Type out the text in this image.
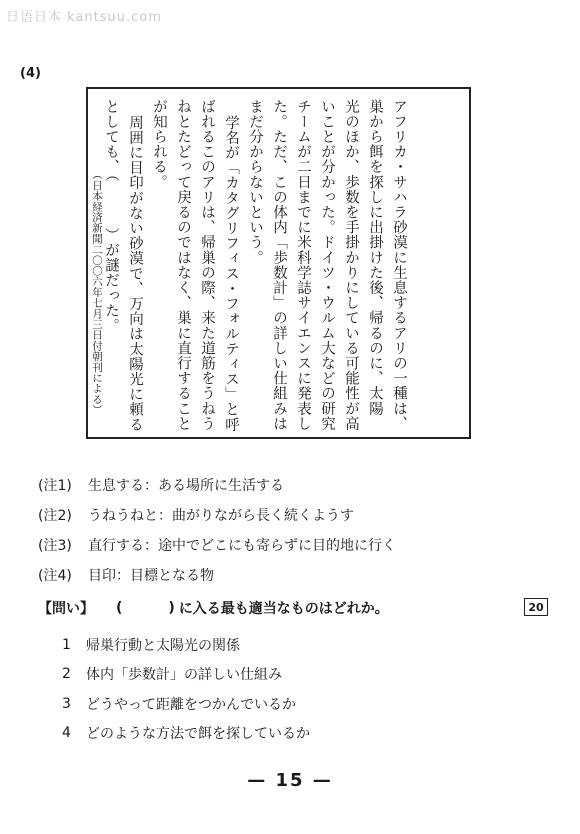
日语日本 kantsuu.com
(4)
アフリカ・サハラ砂漠に生息するアリの一種は、
巣から餌を探しに出掛けた後、帰るのに、太陽
光のほか、歩数を手掛かりにしている可能性が高
いことが分かった。ドイツ・ウルム大などの研究
チームが二日までに米科学誌サイエンスに発表し
た。ただ、この体内「歩数計」の詳しい仕組みは
まだ分からないという。
学名が「カタグリフィス・フォルティス」と呼
ばれるこのアリは、帰巣の際、来た道筋をうねう
ねとたどって戻るのではなく、巣に直行すること
が知られる。
周囲に目印がない砂漠で、万向は太陽光に頼る
としても、（　　　）が謎だった。
（日本経済新聞二〇〇六年七月三日付朝刊による）
(注1)	生息する：ある場所に生活する
(注2)	うねうねと：曲がりながら長く続くようす
(注3)	直行する：途中でどこにも寄らずに目的地に行く
(注4)	目印：目標となる物
【問い】 (	) に入る最も適当なものはどれか。	20
1	帰巣行動と太陽光の関係
2	体内「歩数計」の詳しい仕組み
3	どうやって距離をつかんでいるか
4	どのような方法で餌を探しているか
— 15 —
